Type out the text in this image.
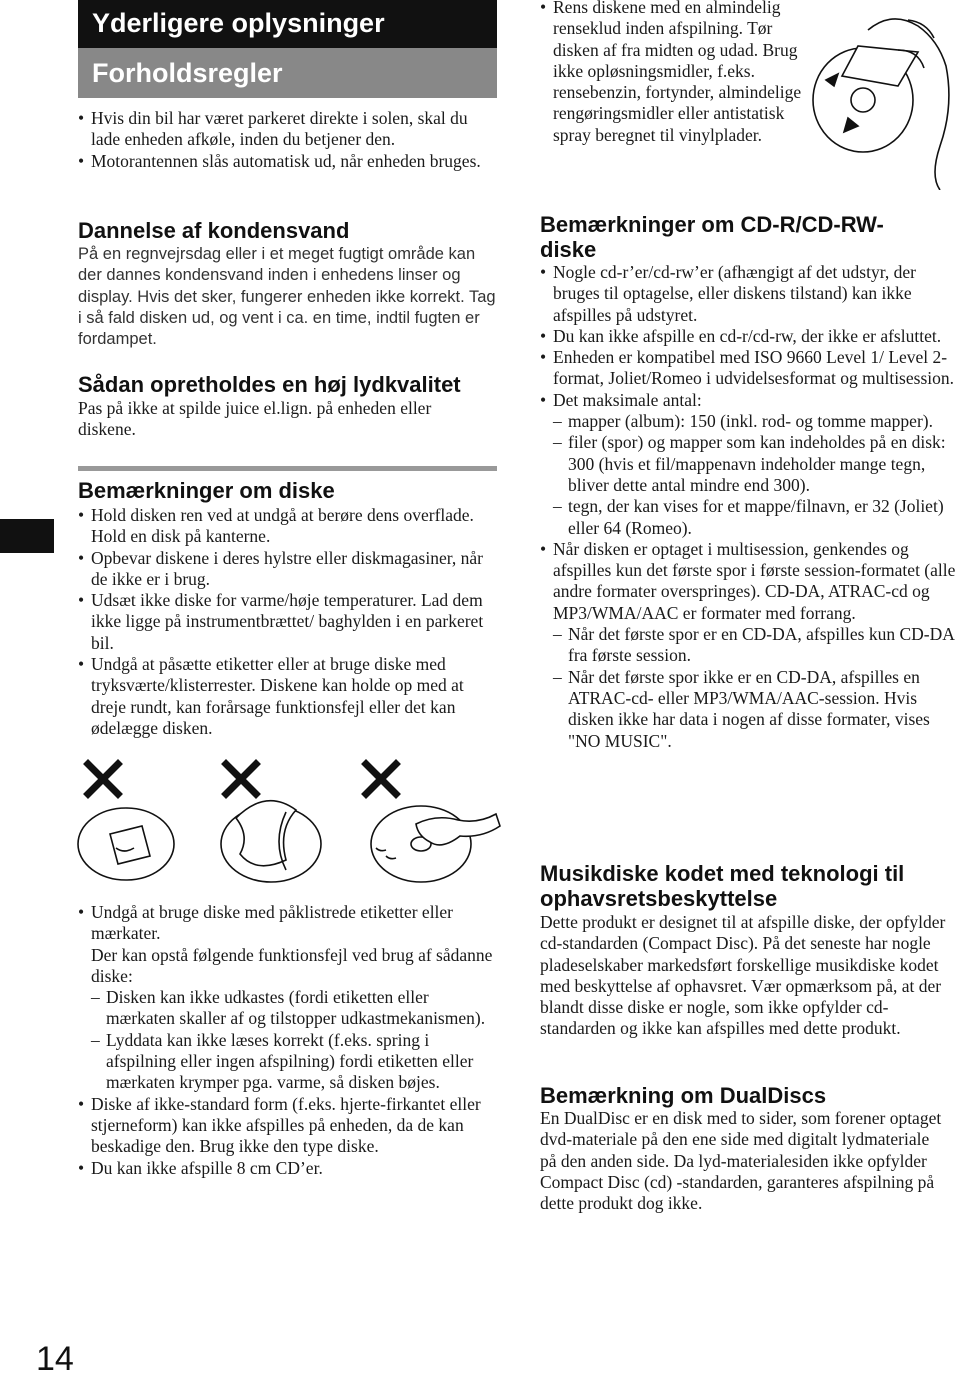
Yderligere oplysninger
Forholdsregler
14
• Hvis din bil har været parkeret direkte i solen, skal du lade enheden afkøle, inden du betjener den.
• Motorantennen slås automatisk ud, når enheden bruges.
Dannelse af kondensvand
På en regnvejrsdag eller i et meget fugtigt område kan der dannes kondensvand inden i enhedens linser og display. Hvis det sker, fungerer enheden ikke korrekt. Tag i så fald disken ud, og vent i ca. en time, indtil fugten er fordampet.
Sådan opretholdes en høj lydkvalitet
Pas på ikke at spilde juice el.lign. på enheden eller diskene.
Bemærkninger om diske
• Hold disken ren ved at undgå at berøre dens overflade. Hold en disk på kanterne.
• Opbevar diskene i deres hylstre eller diskmagasiner, når de ikke er i brug.
• Udsæt ikke diske for varme/høje temperaturer. Lad dem ikke ligge på instrumentbrættet/ baghylden i en parkeret bil.
• Undgå at påsætte etiketter eller at bruge diske med tryksværte/klisterrester. Diskene kan holde op med at dreje rundt, kan forårsage funktionsfejl eller det kan ødelægge disken.
• Undgå at bruge diske med påklistrede etiketter eller mærkater.
Der kan opstå følgende funktionsfejl ved brug af sådanne diske:
– Disken kan ikke udkastes (fordi etiketten eller mærkaten skaller af og tilstopper udkastmekanismen).
– Lyddata kan ikke læses korrekt (f.eks. spring i afspilning eller ingen afspilning) fordi etiketten eller mærkaten krymper pga. varme, så disken bøjes.
• Diske af ikke-standard form (f.eks. hjerte-firkantet eller stjerneform) kan ikke afspilles på enheden, da de kan beskadige den. Brug ikke den type diske.
• Du kan ikke afspille 8 cm CD’er.
• Rens diskene med en almindelig renseklud inden afspilning. Tør disken af fra midten og udad. Brug ikke opløsningsmidler, f.eks. rensebenzin, fortynder, almindelige rengøringsmidler eller antistatisk spray beregnet til vinylplader.
Bemærkninger om CD-R/CD-RW-diske
• Nogle cd-r’er/cd-rw’er (afhængigt af det udstyr, der bruges til optagelse, eller diskens tilstand) kan ikke afspilles på udstyret.
• Du kan ikke afspille en cd-r/cd-rw, der ikke er afsluttet.
• Enheden er kompatibel med ISO 9660 Level 1/ Level 2-format, Joliet/Romeo i udvidelsesformat og multisession.
• Det maksimale antal:
– mapper (album): 150 (inkl. rod- og tomme mapper).
– filer (spor) og mapper som kan indeholdes på en disk: 300 (hvis et fil/mappenavn indeholder mange tegn, bliver dette antal mindre end 300).
– tegn, der kan vises for et mappe/filnavn, er 32 (Joliet) eller 64 (Romeo).
• Når disken er optaget i multisession, genkendes og afspilles kun det første spor i første session-formatet (alle andre formater overspringes). CD-DA, ATRAC-cd og MP3/WMA/AAC er formater med forrang.
– Når det første spor er en CD-DA, afspilles kun CD-DA fra første session.
– Når det første spor ikke er en CD-DA, afspilles en ATRAC-cd- eller MP3/WMA/AAC-session. Hvis disken ikke har data i nogen af disse formater, vises "NO MUSIC".
Musikdiske kodet med teknologi til ophavsretsbeskyttelse
Dette produkt er designet til at afspille diske, der opfylder cd-standarden (Compact Disc). På det seneste har nogle pladeselskaber markedsført forskellige musikdiske kodet med beskyttelse af ophavsret. Vær opmærksom på, at der blandt disse diske er nogle, som ikke opfylder cd-standarden og ikke kan afspilles med dette produkt.
Bemærkning om DualDiscs
En DualDisc er en disk med to sider, som forener optaget dvd-materiale på den ene side med digitalt lydmateriale på den anden side. Da lyd-materialesiden ikke opfylder Compact Disc (cd) -standarden, garanteres afspilning på dette produkt dog ikke.
